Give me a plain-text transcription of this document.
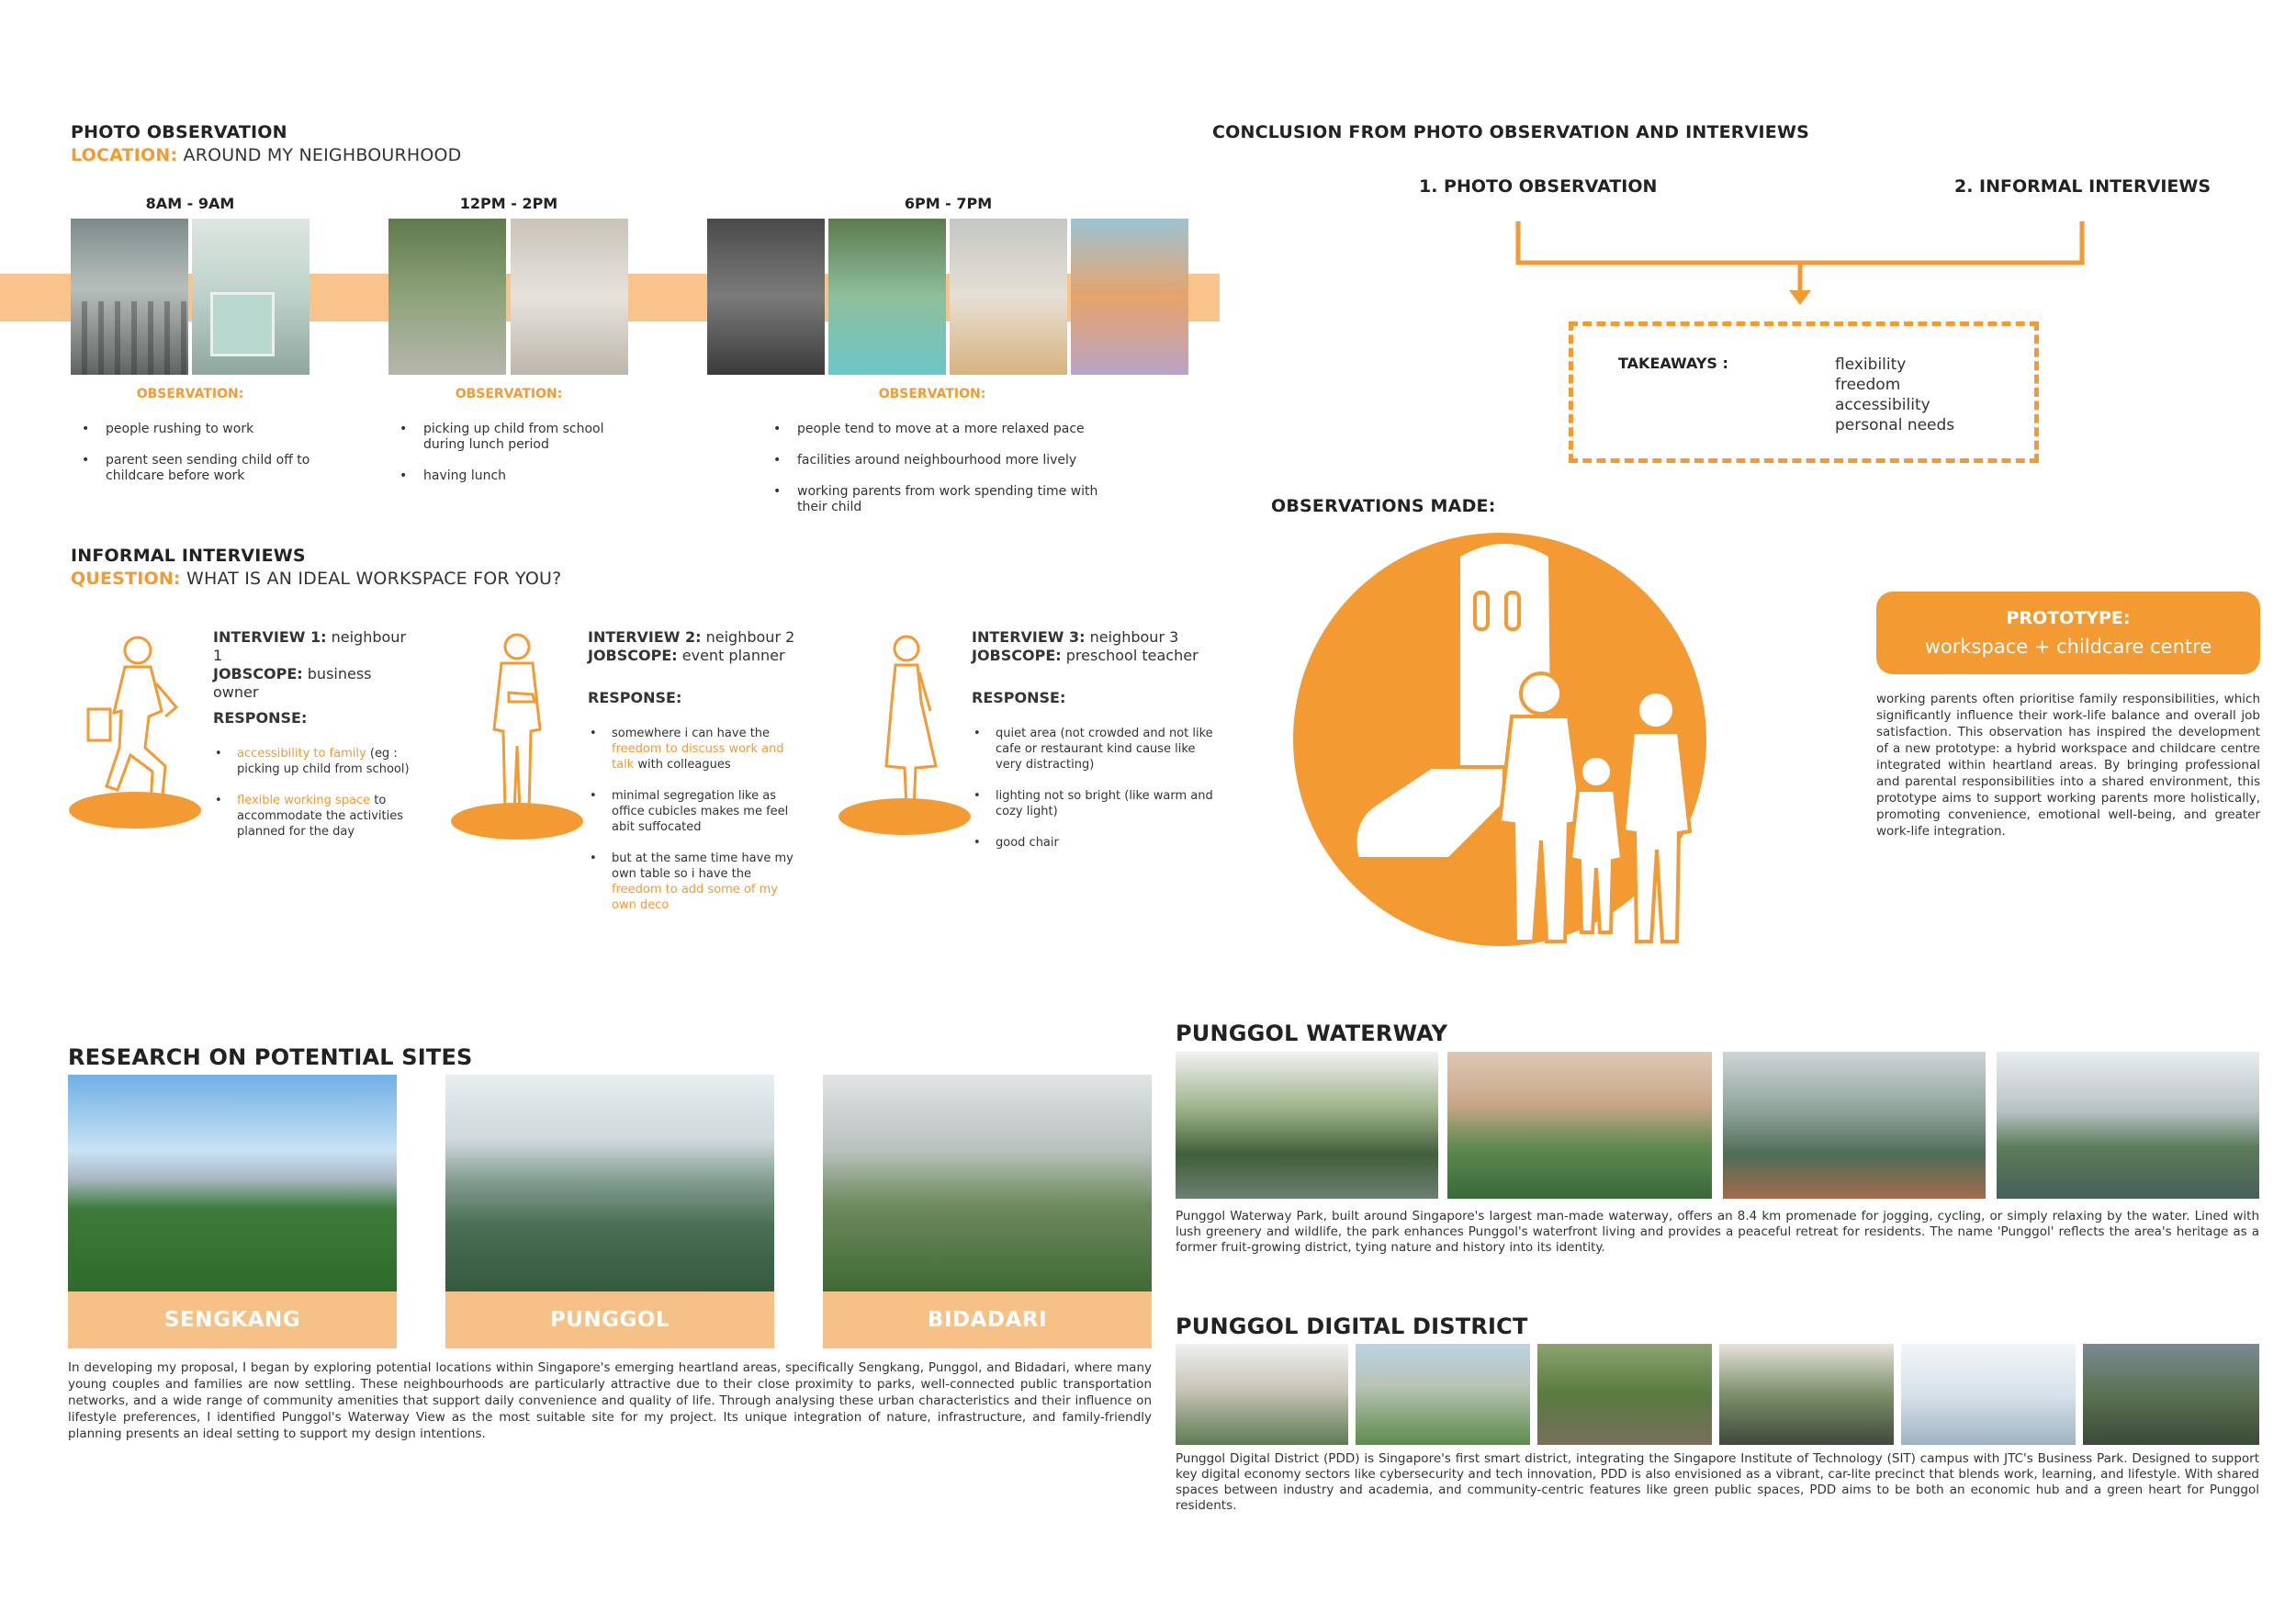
PHOTO OBSERVATION
LOCATION: AROUND MY NEIGHBOURHOOD
8AM - 9AM	12PM - 2PM	6PM - 7PM
OBSERVATION:	OBSERVATION:	OBSERVATION:
• people rushing to work
• parent seen sending child off to childcare before work
• picking up child from school during lunch period
• having lunch
• people tend to move at a more relaxed pace
• facilities around neighbourhood more lively
• working parents from work spending time with their child
INFORMAL INTERVIEWS
QUESTION: WHAT IS AN IDEAL WORKSPACE FOR YOU?
INTERVIEW 1: neighbour 1
JOBSCOPE: business owner
RESPONSE:
• accessibility to family (eg : picking up child from school)
• flexible working space to accommodate the activities planned for the day
INTERVIEW 2: neighbour 2
JOBSCOPE: event planner
RESPONSE:
• somewhere i can have the freedom to discuss work and talk with colleagues
• minimal segregation like as office cubicles makes me feel abit suffocated
• but at the same time have my own table so i have the freedom to add some of my own deco
INTERVIEW 3: neighbour 3
JOBSCOPE: preschool teacher
RESPONSE:
• quiet area (not crowded and not like cafe or restaurant kind cause like very distracting)
• lighting not so bright (like warm and cozy light)
• good chair
CONCLUSION FROM PHOTO OBSERVATION AND INTERVIEWS
1. PHOTO OBSERVATION	2. INFORMAL INTERVIEWS
TAKEAWAYS :	flexibility
freedom
accessibility
personal needs
OBSERVATIONS MADE:
PROTOTYPE:
workspace + childcare centre
working parents often prioritise family responsibilities, which significantly influence their work-life balance and overall job satisfaction. This observation has inspired the development of a new prototype: a hybrid workspace and childcare centre integrated within heartland areas. By bringing professional and parental responsibilities into a shared environment, this prototype aims to support working parents more holistically, promoting convenience, emotional well-being, and greater work-life integration.
RESEARCH ON POTENTIAL SITES
SENGKANG	PUNGGOL	BIDADARI
In developing my proposal, I began by exploring potential locations within Singapore's emerging heartland areas, specifically Sengkang, Punggol, and Bidadari, where many young couples and families are now settling. These neighbourhoods are particularly attractive due to their close proximity to parks, well-connected public transportation networks, and a wide range of community amenities that support daily convenience and quality of life. Through analysing these urban characteristics and their influence on lifestyle preferences, I identified Punggol's Waterway View as the most suitable site for my project. Its unique integration of nature, infrastructure, and family-friendly planning presents an ideal setting to support my design intentions.
PUNGGOL WATERWAY
Punggol Waterway Park, built around Singapore's largest man-made waterway, offers an 8.4 km promenade for jogging, cycling, or simply relaxing by the water. Lined with lush greenery and wildlife, the park enhances Punggol's waterfront living and provides a peaceful retreat for residents. The name 'Punggol' reflects the area's heritage as a former fruit-growing district, tying nature and history into its identity.
PUNGGOL DIGITAL DISTRICT
Punggol Digital District (PDD) is Singapore's first smart district, integrating the Singapore Institute of Technology (SIT) campus with JTC's Business Park. Designed to support key digital economy sectors like cybersecurity and tech innovation, PDD is also envisioned as a vibrant, car-lite precinct that blends work, learning, and lifestyle. With shared spaces between industry and academia, and community-centric features like green public spaces, PDD aims to be both an economic hub and a green heart for Punggol residents.
